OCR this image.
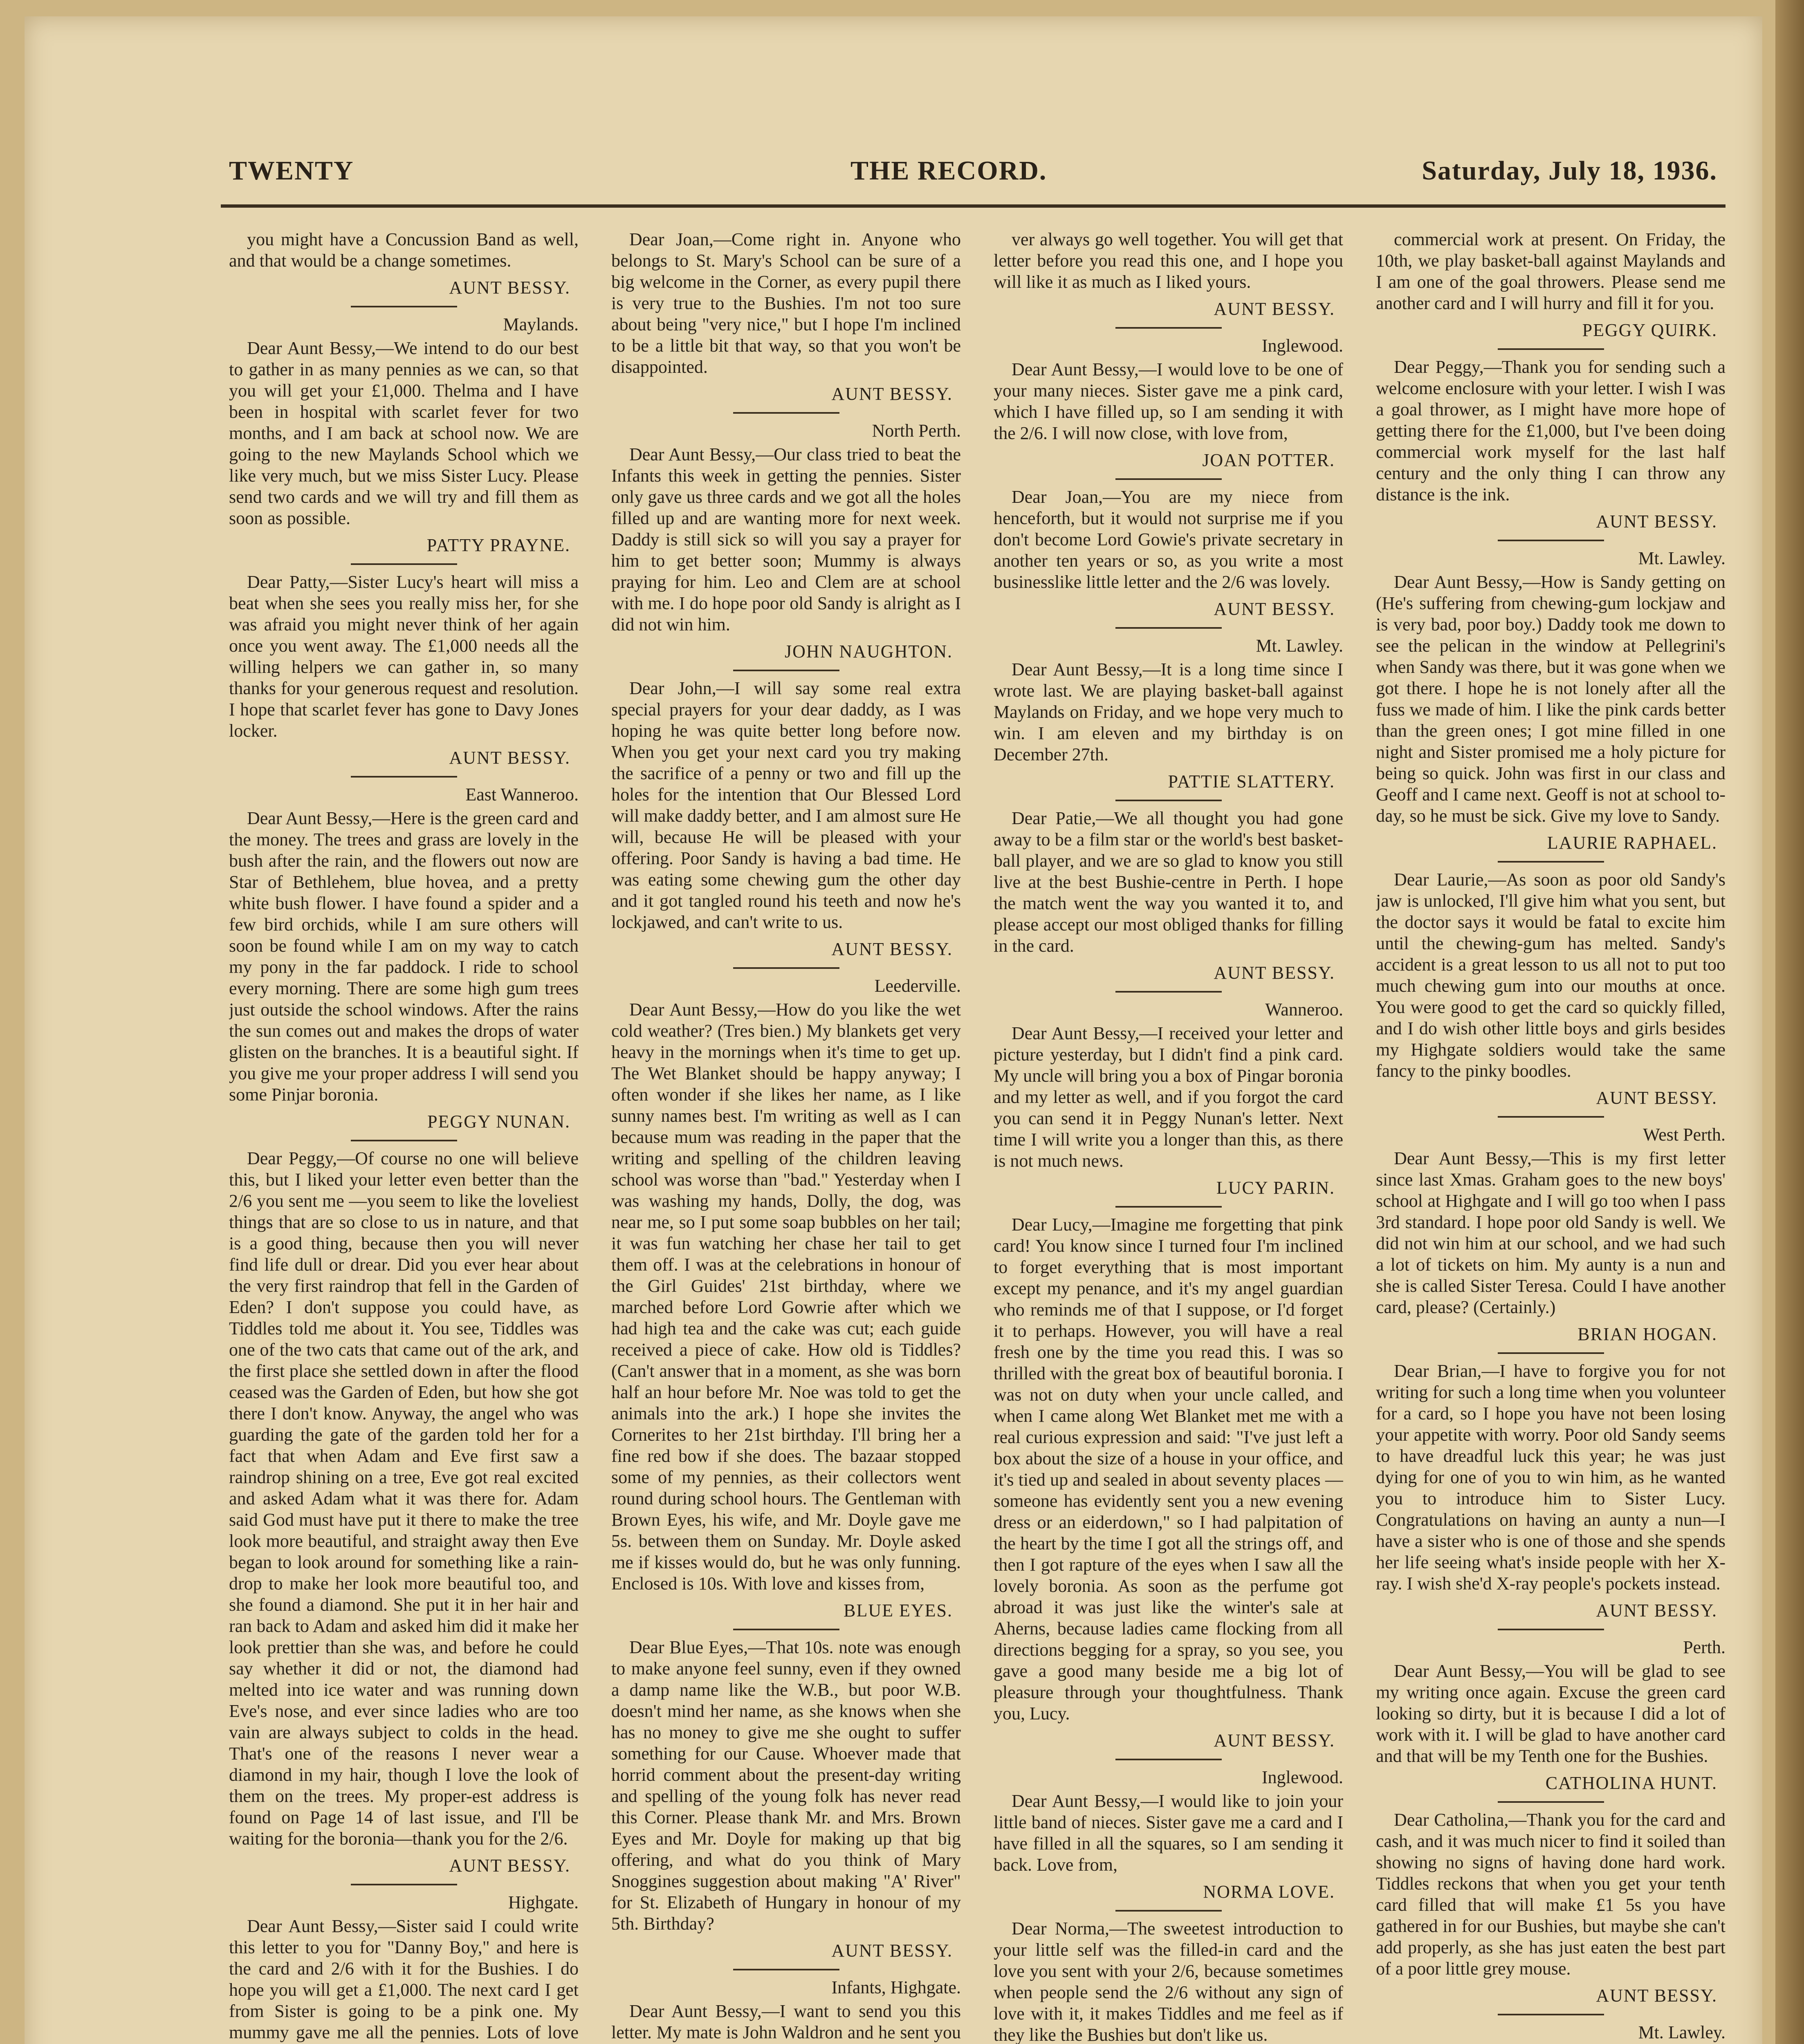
TWENTY	THE RECORD.	Saturday, July 18, 1936.

you might have a Concussion Band as well, and that would be a change sometimes.

AUNT BESSY.

Maylands.

Dear Aunt Bessy,—We intend to do our best to gather in as many pennies as we can, so that you will get your £1,000. Thelma and I have been in hospital with scarlet fever for two months, and I am back at school now. We are going to the new Maylands School which we like very much, but we miss Sister Lucy. Please send two cards and we will try and fill them as soon as possible.

PATTY PRAYNE.

Dear Patty,—Sister Lucy's heart will miss a beat when she sees you really miss her, for she was afraid you might never think of her again once you went away. The £1,000 needs all the willing helpers we can gather in, so many thanks for your generous request and resolution. I hope that scarlet fever has gone to Davy Jones locker.

AUNT BESSY.

East Wanneroo.

Dear Aunt Bessy,—Here is the green card and the money. The trees and grass are lovely in the bush after the rain, and the flowers out now are Star of Bethlehem, blue hovea, and a pretty white bush flower. I have found a spider and a few bird orchids, while I am sure others will soon be found while I am on my way to catch my pony in the far paddock. I ride to school every morning. There are some high gum trees just outside the school windows. After the rains the sun comes out and makes the drops of water glisten on the branches. It is a beautiful sight. If you give me your proper address I will send you some Pinjar boronia.

PEGGY NUNAN.

Dear Peggy,—Of course no one will believe this, but I liked your letter even better than the 2/6 you sent me —you seem to like the loveliest things that are so close to us in nature, and that is a good thing, because then you will never find life dull or drear. Did you ever hear about the very first raindrop that fell in the Garden of Eden? I don't suppose you could have, as Tiddles told me about it. You see, Tiddles was one of the two cats that came out of the ark, and the first place she settled down in after the flood ceased was the Garden of Eden, but how she got there I don't know. Anyway, the angel who was guarding the gate of the garden told her for a fact that when Adam and Eve first saw a raindrop shining on a tree, Eve got real excited and asked Adam what it was there for. Adam said God must have put it there to make the tree look more beautiful, and straight away then Eve began to look around for something like a rain-drop to make her look more beautiful too, and she found a diamond. She put it in her hair and ran back to Adam and asked him did it make her look prettier than she was, and before he could say whether it did or not, the diamond had melted into ice water and was running down Eve's nose, and ever since ladies who are too vain are always subject to colds in the head. That's one of the reasons I never wear a diamond in my hair, though I love the look of them on the trees. My proper-est address is found on Page 14 of last issue, and I'll be waiting for the boronia—thank you for the 2/6.

AUNT BESSY.

Highgate.

Dear Aunt Bessy,—Sister said I could write this letter to you for "Danny Boy," and here is the card and 2/6 with it for the Bushies. I do hope you will get a £1,000. The next card I get from Sister is going to be a pink one. My mummy gave me all the pennies. Lots of love

Dear Joan,—Come right in. Anyone who belongs to St. Mary's School can be sure of a big welcome in the Corner, as every pupil there is very true to the Bushies. I'm not too sure about being "very nice," but I hope I'm inclined to be a little bit that way, so that you won't be disappointed.

AUNT BESSY.

North Perth.

Dear Aunt Bessy,—Our class tried to beat the Infants this week in getting the pennies. Sister only gave us three cards and we got all the holes filled up and are wanting more for next week. Daddy is still sick so will you say a prayer for him to get better soon; Mummy is always praying for him. Leo and Clem are at school with me. I do hope poor old Sandy is alright as I did not win him.

JOHN NAUGHTON.

Dear John,—I will say some real extra special prayers for your dear daddy, as I was hoping he was quite better long before now. When you get your next card you try making the sacrifice of a penny or two and fill up the holes for the intention that Our Blessed Lord will make daddy better, and I am almost sure He will, because He will be pleased with your offering. Poor Sandy is having a bad time. He was eating some chewing gum the other day and it got tangled round his teeth and now he's lockjawed, and can't write to us.

AUNT BESSY.

Leederville.

Dear Aunt Bessy,—How do you like the wet cold weather? (Tres bien.) My blankets get very heavy in the mornings when it's time to get up. The Wet Blanket should be happy anyway; I often wonder if she likes her name, as I like sunny names best. I'm writing as well as I can because mum was reading in the paper that the writing and spelling of the children leaving school was worse than "bad." Yesterday when I was washing my hands, Dolly, the dog, was near me, so I put some soap bubbles on her tail; it was fun watching her chase her tail to get them off. I was at the celebrations in honour of the Girl Guides' 21st birthday, where we marched before Lord Gowrie after which we had high tea and the cake was cut; each guide received a piece of cake. How old is Tiddles? (Can't answer that in a moment, as she was born half an hour before Mr. Noe was told to get the animals into the ark.) I hope she invites the Cornerites to her 21st birthday. I'll bring her a fine red bow if she does. The bazaar stopped some of my pennies, as their collectors went round during school hours. The Gentleman with Brown Eyes, his wife, and Mr. Doyle gave me 5s. between them on Sunday. Mr. Doyle asked me if kisses would do, but he was only funning. Enclosed is 10s. With love and kisses from,

BLUE EYES.

Dear Blue Eyes,—That 10s. note was enough to make anyone feel sunny, even if they owned a damp name like the W.B., but poor W.B. doesn't mind her name, as she knows when she has no money to give me she ought to suffer something for our Cause. Whoever made that horrid comment about the present-day writing and spelling of the young folk has never read this Corner. Please thank Mr. and Mrs. Brown Eyes and Mr. Doyle for making up that big offering, and what do you think of Mary Snoggines suggestion about making "A' River" for St. Elizabeth of Hungary in honour of my 5th. Birthday?

AUNT BESSY.

Infants, Highgate.

Dear Aunt Bessy,—I want to send you this letter. My mate is John Waldron and he sent you

ver always go well together. You will get that letter before you read this one, and I hope you will like it as much as I liked yours.

AUNT BESSY.

Inglewood.

Dear Aunt Bessy,—I would love to be one of your many nieces. Sister gave me a pink card, which I have filled up, so I am sending it with the 2/6. I will now close, with love from,

JOAN POTTER.

Dear Joan,—You are my niece from henceforth, but it would not surprise me if you don't become Lord Gowie's private secretary in another ten years or so, as you write a most businesslike little letter and the 2/6 was lovely.

AUNT BESSY.

Mt. Lawley.

Dear Aunt Bessy,—It is a long time since I wrote last. We are playing basket-ball against Maylands on Friday, and we hope very much to win. I am eleven and my birthday is on December 27th.

PATTIE SLATTERY.

Dear Patie,—We all thought you had gone away to be a film star or the world's best basket-ball player, and we are so glad to know you still live at the best Bushie-centre in Perth. I hope the match went the way you wanted it to, and please accept our most obliged thanks for filling in the card.

AUNT BESSY.

Wanneroo.

Dear Aunt Bessy,—I received your letter and picture yesterday, but I didn't find a pink card. My uncle will bring you a box of Pingar boronia and my letter as well, and if you forgot the card you can send it in Peggy Nunan's letter. Next time I will write you a longer than this, as there is not much news.

LUCY PARIN.

Dear Lucy,—Imagine me forgetting that pink card! You know since I turned four I'm inclined to forget everything that is most important except my penance, and it's my angel guardian who reminds me of that I suppose, or I'd forget it to perhaps. However, you will have a real fresh one by the time you read this. I was so thrilled with the great box of beautiful boronia. I was not on duty when your uncle called, and when I came along Wet Blanket met me with a real curious expression and said: "I've just left a box about the size of a house in your office, and it's tied up and sealed in about seventy places —someone has evidently sent you a new evening dress or an eiderdown," so I had palpitation of the heart by the time I got all the strings off, and then I got rapture of the eyes when I saw all the lovely boronia. As soon as the perfume got abroad it was just like the winter's sale at Aherns, because ladies came flocking from all directions begging for a spray, so you see, you gave a good many beside me a big lot of pleasure through your thoughtfulness. Thank you, Lucy.

AUNT BESSY.

Inglewood.

Dear Aunt Bessy,—I would like to join your little band of nieces. Sister gave me a card and I have filled in all the squares, so I am sending it back. Love from,

NORMA LOVE.

Dear Norma,—The sweetest introduction to your little self was the filled-in card and the love you sent with your 2/6, because sometimes when people send the 2/6 without any sign of love with it, it makes Tiddles and me feel as if they like the Bushies but don't like us.

commercial work at present. On Friday, the 10th, we play basket-ball against Maylands and I am one of the goal throwers. Please send me another card and I will hurry and fill it for you.

PEGGY QUIRK.

Dear Peggy,—Thank you for sending such a welcome enclosure with your letter. I wish I was a goal thrower, as I might have more hope of getting there for the £1,000, but I've been doing commercial work myself for the last half century and the only thing I can throw any distance is the ink.

AUNT BESSY.

Mt. Lawley.

Dear Aunt Bessy,—How is Sandy getting on (He's suffering from chewing-gum lockjaw and is very bad, poor boy.) Daddy took me down to see the pelican in the window at Pellegrini's when Sandy was there, but it was gone when we got there. I hope he is not lonely after all the fuss we made of him. I like the pink cards better than the green ones; I got mine filled in one night and Sister promised me a holy picture for being so quick. John was first in our class and Geoff and I came next. Geoff is not at school to-day, so he must be sick. Give my love to Sandy.

LAURIE RAPHAEL.

Dear Laurie,—As soon as poor old Sandy's jaw is unlocked, I'll give him what you sent, but the doctor says it would be fatal to excite him until the chewing-gum has melted. Sandy's accident is a great lesson to us all not to put too much chewing gum into our mouths at once. You were good to get the card so quickly filled, and I do wish other little boys and girls besides my Highgate soldiers would take the same fancy to the pinky boodles.

AUNT BESSY.

West Perth.

Dear Aunt Bessy,—This is my first letter since last Xmas. Graham goes to the new boys' school at Highgate and I will go too when I pass 3rd standard. I hope poor old Sandy is well. We did not win him at our school, and we had such a lot of tickets on him. My aunty is a nun and she is called Sister Teresa. Could I have another card, please? (Certainly.)

BRIAN HOGAN.

Dear Brian,—I have to forgive you for not writing for such a long time when you volunteer for a card, so I hope you have not been losing your appetite with worry. Poor old Sandy seems to have dreadful luck this year; he was just dying for one of you to win him, as he wanted you to introduce him to Sister Lucy. Congratulations on having an aunty a nun—I have a sister who is one of those and she spends her life seeing what's inside people with her X-ray. I wish she'd X-ray people's pockets instead.

AUNT BESSY.

Perth.

Dear Aunt Bessy,—You will be glad to see my writing once again. Excuse the green card looking so dirty, but it is because I did a lot of work with it. I will be glad to have another card and that will be my Tenth one for the Bushies.

CATHOLINA HUNT.

Dear Catholina,—Thank you for the card and cash, and it was much nicer to find it soiled than showing no signs of having done hard work. Tiddles reckons that when you get your tenth card filled that will make £1 5s you have gathered in for our Bushies, but maybe she can't add properly, as she has just eaten the best part of a poor little grey mouse.

AUNT BESSY.

Mt. Lawley.
